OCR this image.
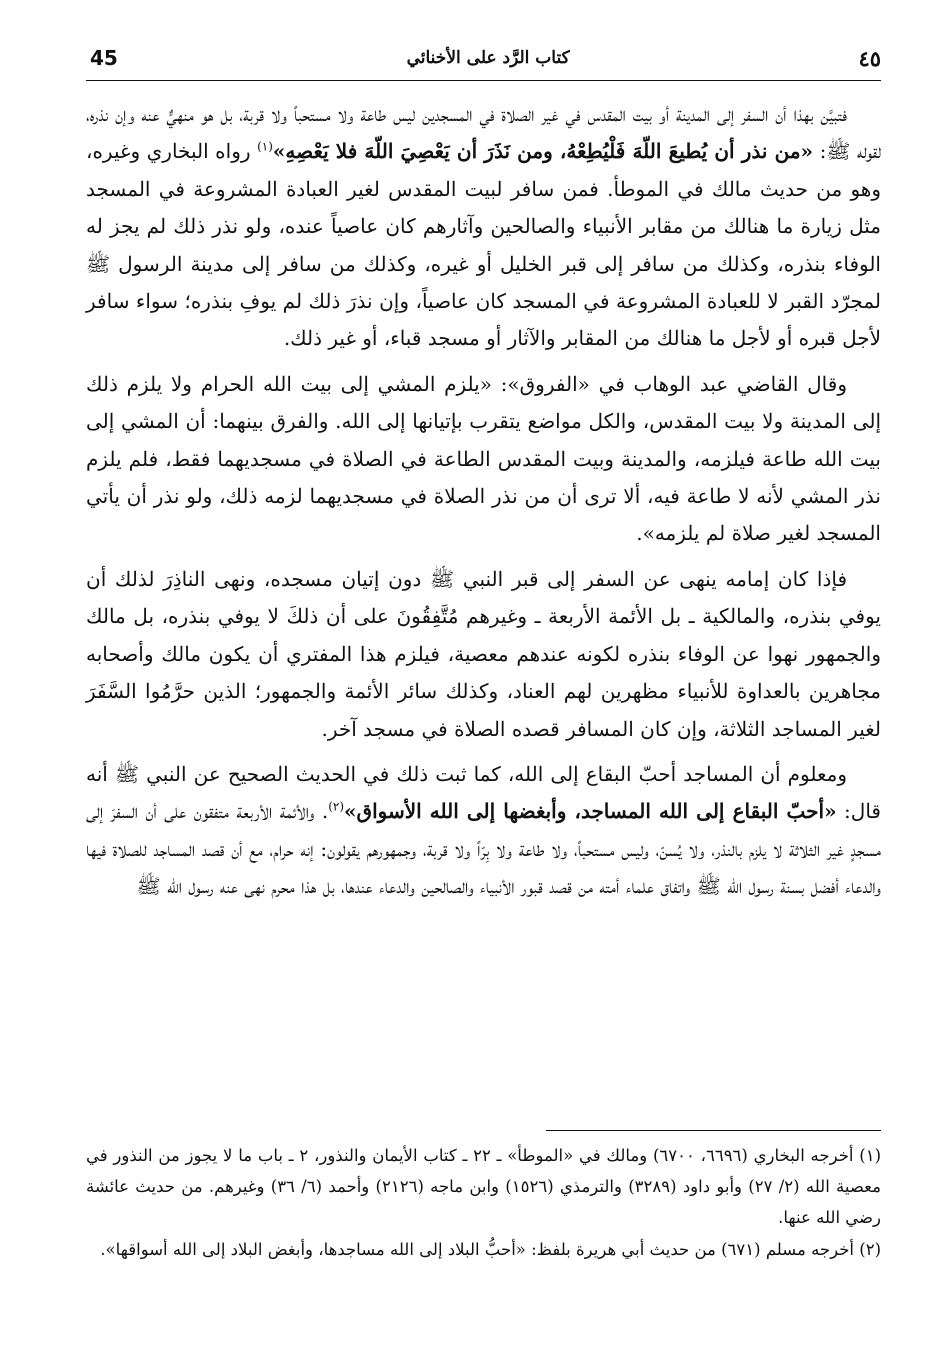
45	كتاب الرَّد على الأخنائي	٤٥

فتبيَّن بهذا أن السفر إلى المدينة أو بيت المقدس في غير الصلاة في المسجدين ليس طاعة ولا مستحباً ولا قربة، بل هو منهيٌّ عنه وإن نذره، لقوله ﷺ: «من نذر أن يُطيعَ اللّهَ فَلْيُطِعْهُ، ومن نَذَرَ أن يَعْصِيَ اللّهَ فلا يَعْصِهِ»$^{(١)}$ رواه البخاري وغيره، وهو من حديث مالك في الموطأ. فمن سافر لبيت المقدس لغير العبادة المشروعة في المسجد مثل زيارة ما هنالك من مقابر الأنبياء والصالحين وآثارهم كان عاصياً عنده، ولو نذر ذلك لم يجز له الوفاء بنذره، وكذلك من سافر إلى قبر الخليل أو غيره، وكذلك من سافر إلى مدينة الرسول ﷺ لمجرّد القبر لا للعبادة المشروعة في المسجد كان عاصياً، وإن نذرَ ذلك لم يوفِ بنذره؛ سواء سافر لأجل قبره أو لأجل ما هنالك من المقابر والآثار أو مسجد قباء، أو غير ذلك.

وقال القاضي عبد الوهاب في «الفروق»: «يلزم المشي إلى بيت الله الحرام ولا يلزم ذلك إلى المدينة ولا بيت المقدس، والكل مواضع يتقرب بإتيانها إلى الله. والفرق بينهما: أن المشي إلى بيت الله طاعة فيلزمه، والمدينة وبيت المقدس الطاعة في الصلاة في مسجديهما فقط، فلم يلزم نذر المشي لأنه لا طاعة فيه، ألا ترى أن من نذر الصلاة في مسجديهما لزمه ذلك، ولو نذر أن يأتي المسجد لغير صلاة لم يلزمه».

فإذا كان إمامه ينهى عن السفر إلى قبر النبي ﷺ دون إتيان مسجده، ونهى الناذِرَ لذلك أن يوفي بنذره، والمالكية ـ بل الأئمة الأربعة ـ وغيرهم مُتَّفِقُونَ على أن ذلكَ لا يوفي بنذره، بل مالك والجمهور نهوا عن الوفاء بنذره لكونه عندهم معصية، فيلزم هذا المفتري أن يكون مالك وأصحابه مجاهرين بالعداوة للأنبياء مظهرين لهم العناد، وكذلك سائر الأئمة والجمهور؛ الذين حرَّمُوا السَّفَرَ لغير المساجد الثلاثة، وإن كان المسافر قصده الصلاة في مسجد آخر.

ومعلوم أن المساجد أحبّ البقاع إلى الله، كما ثبت ذلك في الحديث الصحيح عن النبي ﷺ أنه قال: «أحبّ البقاع إلى الله المساجد، وأبغضها إلى الله الأسواق»$^{(٢)}$. والأئمة الأربعة متفقون على أن السفرَ إلى مسجدٍ غير الثلاثة لا يلزم بالنذر، ولا يُسنّ، وليس مستحباً، ولا طاعة ولا بِرّاً ولا قربة، وجمهورهم يقولون: إنه حرام، مع أن قصد المساجد للصلاة فيها والدعاء أفضل بسنة رسول الله ﷺ واتفاق علماء أمته من قصد قبور الأنبياء والصالحين والدعاء عندها، بل هذا محرم نهى عنه رسول الله ﷺ

(١) أخرجه البخاري (٦٦٩٦، ٦٧٠٠) ومالك في «الموطأ» ـ ٢٢ ـ كتاب الأيمان والنذور، ٢ ـ باب ما لا يجوز من النذور في معصية الله (٢/ ٢٧) وأبو داود (٣٢٨٩) والترمذي (١٥٢٦) وابن ماجه (٢١٢٦) وأحمد (٦/ ٣٦) وغيرهم. من حديث عائشة رضي الله عنها.

(٢) أخرجه مسلم (٦٧١) من حديث أبي هريرة بلفظ: «أحبُّ البلاد إلى الله مساجدها، وأبغض البلاد إلى الله أسواقها».
